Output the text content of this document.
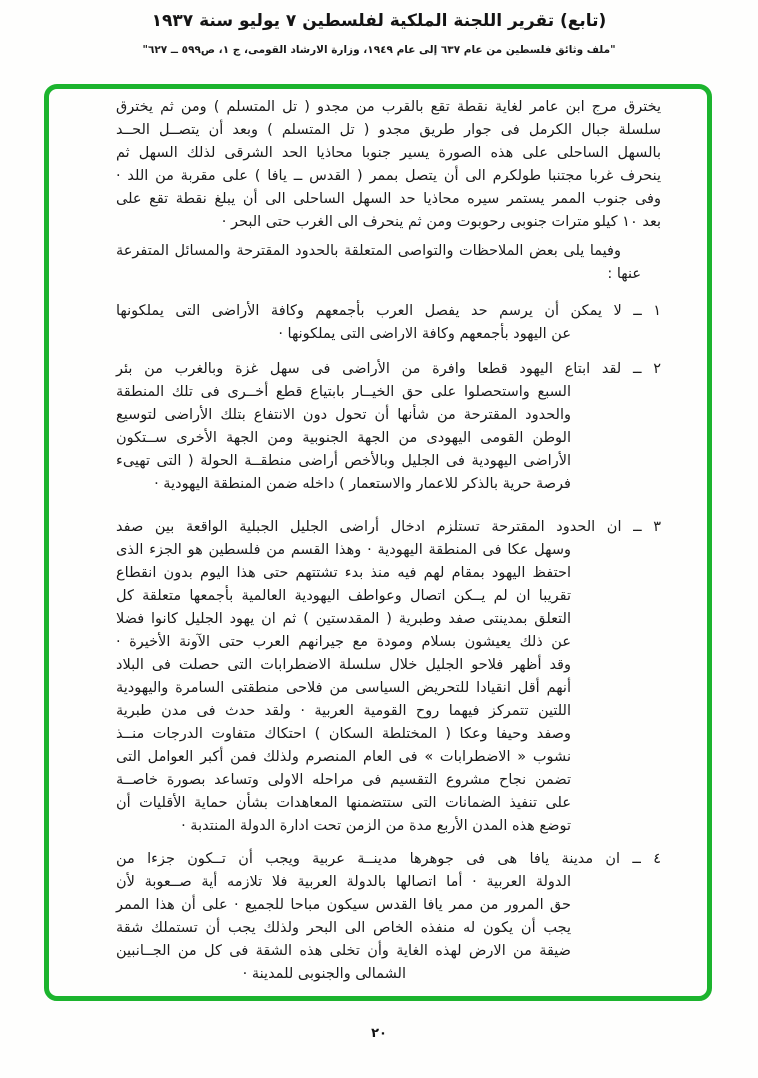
(تابع) تقرير اللجنة الملكية لفلسطين ٧ يوليو سنة ١٩٣٧
"ملف وثائق فلسطين من عام ٦٣٧ إلى عام ١٩٤٩، وزارة الارشاد القومى، ج ١، ص٥٩٩ ــ ٦٢٧"
يخترق مرج ابن عامر لغاية نقطة تقع بالقرب من مجدو ( تل المتسلم ) ومن ثم يخترق
سلسلة جبال الكرمل فى جوار طريق مجدو ( تل المتسلم ) وبعد أن يتصــل الحــد
بالسهل الساحلى على هذه الصورة يسير جنوبا محاذيا الحد الشرقى لذلك السهل ثم
ينحرف غربا مجتنبا طولكرم الى أن يتصل بممر ( القدس ــ يافا ) على مقربة من اللد ·
وفى جنوب الممر يستمر سيره محاذيا حد السهل الساحلى الى أن يبلغ نقطة تقع على
بعد ١٠ كيلو مترات جنوبى رحوبوت ومن ثم ينحرف الى الغرب حتى البحر ·
وفيما يلى بعض الملاحظات والتواصى المتعلقة بالحدود المقترحة والمسائل المتفرعة
عنها :
١ ــ لا يمكن أن يرسم حد يفصل العرب بأجمعهم وكافة الأراضى التى يملكونها
عن اليهود بأجمعهم وكافة الاراضى التى يملكونها ·
٢ ــ لقد ابتاع اليهود قطعا وافرة من الأراضى فى سهل غزة وبالغرب من بئر
السبع واستحصلوا على حق الخيــار بابتياع قطع أخــرى فى تلك المنطقة
والحدود المقترحة من شأنها أن تحول دون الانتفاع بتلك الأراضى لتوسيع
الوطن القومى اليهودى من الجهة الجنوبية ومن الجهة الأخرى ســتكون
الأراضى اليهودية فى الجليل وبالأخص أراضى منطقــة الحولة ( التى تهيىء
فرصة حرية بالذكر للاعمار والاستعمار ) داخله ضمن المنطقة اليهودية ·
٣ ــ ان الحدود المقترحة تستلزم ادخال أراضى الجليل الجبلية الواقعة بين صفد
وسهل عكا فى المنطقة اليهودية · وهذا القسم من فلسطين هو الجزء الذى
احتفظ اليهود بمقام لهم فيه منذ بدء تشتتهم حتى هذا اليوم بدون انقطاع
تقريبا ان لم يــكن اتصال وعواطف اليهودية العالمية بأجمعها متعلقة كل
التعلق بمدينتى صفد وطبرية ( المقدستين ) ثم ان يهود الجليل كانوا فضلا
عن ذلك يعيشون بسلام ومودة مع جيرانهم العرب حتى الآونة الأخيرة ·
وقد أظهر فلاحو الجليل خلال سلسلة الاضطرابات التى حصلت فى البلاد
أنهم أقل انقيادا للتحريض السياسى من فلاحى منطقتى السامرة واليهودية
اللتين تتمركز فيهما روح القومية العربية · ولقد حدث فى مدن طبرية
وصفد وحيفا وعكا ( المختلطة السكان ) احتكاك متفاوت الدرجات منــذ
نشوب « الاضطرابات » فى العام المنصرم ولذلك فمن أكبر العوامل التى
تضمن نجاح مشروع التقسيم فى مراحله الاولى وتساعد بصورة خاصــة
على تنفيذ الضمانات التى ستتضمنها المعاهدات بشأن حماية الأقليات أن
توضع هذه المدن الأربع مدة من الزمن تحت ادارة الدولة المنتدبة ·
٤ ــ ان مدينة يافا هى فى جوهرها مدينــة عربية ويجب أن تــكون جزءا من
الدولة العربية · أما اتصالها بالدولة العربية فلا تلازمه أية صــعوبة لأن
حق المرور من ممر يافا القدس سيكون مباحا للجميع · على أن هذا الممر
يجب أن يكون له منفذه الخاص الى البحر ولذلك يجب أن تستملك شقة
ضيقة من الارض لهذه الغاية وأن تخلى هذه الشقة فى كل من الجــانبين
الشمالى والجنوبى للمدينة ·
٢٠
